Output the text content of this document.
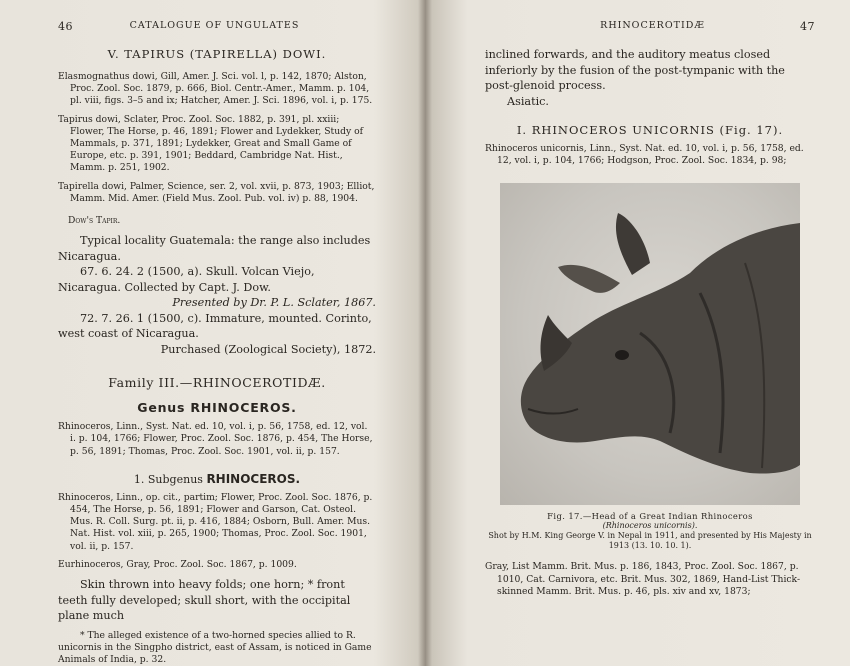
46	CATALOGUE OF UNGULATES

V. TAPIRUS (TAPIRELLA) DOWI.

Elasmognathus dowi, Gill, Amer. J. Sci. vol. l, p. 142, 1870; Alston, Proc. Zool. Soc. 1879, p. 666, Biol. Centr.-Amer., Mamm. p. 104, pl. viii, figs. 3–5 and ix; Hatcher, Amer. J. Sci. 1896, vol. i, p. 175.

Tapirus dowi, Sclater, Proc. Zool. Soc. 1882, p. 391, pl. xxiii; Flower, The Horse, p. 46, 1891; Flower and Lydekker, Study of Mammals, p. 371, 1891; Lydekker, Great and Small Game of Europe, etc. p. 391, 1901; Beddard, Cambridge Nat. Hist., Mamm. p. 251, 1902.

Tapirella dowi, Palmer, Science, ser. 2, vol. xvii, p. 873, 1903; Elliot, Mamm. Mid. Amer. (Field Mus. Zool. Pub. vol. iv) p. 88, 1904.

Dow's Tapir.

Typical locality Guatemala: the range also includes Nicaragua.

67. 6. 24. 2 (1500, a). Skull. Volcan Viejo, Nicaragua. Collected by Capt. J. Dow.

Presented by Dr. P. L. Sclater, 1867.

72. 7. 26. 1 (1500, c). Immature, mounted. Corinto, west coast of Nicaragua.

Purchased (Zoological Society), 1872.

Family III.—RHINOCEROTIDÆ.

Genus RHINOCEROS.

Rhinoceros, Linn., Syst. Nat. ed. 10, vol. i, p. 56, 1758, ed. 12, vol. i. p. 104, 1766; Flower, Proc. Zool. Soc. 1876, p. 454, The Horse, p. 56, 1891; Thomas, Proc. Zool. Soc. 1901, vol. ii, p. 157.

1. Subgenus RHINOCEROS.

Rhinoceros, Linn., op. cit., partim; Flower, Proc. Zool. Soc. 1876, p. 454, The Horse, p. 56, 1891; Flower and Garson, Cat. Osteol. Mus. R. Coll. Surg. pt. ii, p. 416, 1884; Osborn, Bull. Amer. Mus. Nat. Hist. vol. xiii, p. 265, 1900; Thomas, Proc. Zool. Soc. 1901, vol. ii, p. 157.

Eurhinoceros, Gray, Proc. Zool. Soc. 1867, p. 1009.

Skin thrown into heavy folds; one horn; * front teeth fully developed; skull short, with the occipital plane much

* The alleged existence of a two-horned species allied to R. unicornis in the Singpho district, east of Assam, is noticed in Game Animals of India, p. 32.

RHINOCEROTIDÆ	47

inclined forwards, and the auditory meatus closed inferiorly by the fusion of the post-tympanic with the post-glenoid process.

Asiatic.

I. RHINOCEROS UNICORNIS (Fig. 17).

Rhinoceros unicornis, Linn., Syst. Nat. ed. 10, vol. i, p. 56, 1758, ed. 12, vol. i, p. 104, 1766; Hodgson, Proc. Zool. Soc. 1834, p. 98;

Fig. 17.—Head of a Great Indian Rhinoceros
(Rhinoceros unicornis).
Shot by H.M. King George V. in Nepal in 1911, and presented by His Majesty in 1913 (13. 10. 10. 1).

Gray, List Mamm. Brit. Mus. p. 186, 1843, Proc. Zool. Soc. 1867, p. 1010, Cat. Carnivora, etc. Brit. Mus. 302, 1869, Hand-List Thick-skinned Mamm. Brit. Mus. p. 46, pls. xiv and xv, 1873;
